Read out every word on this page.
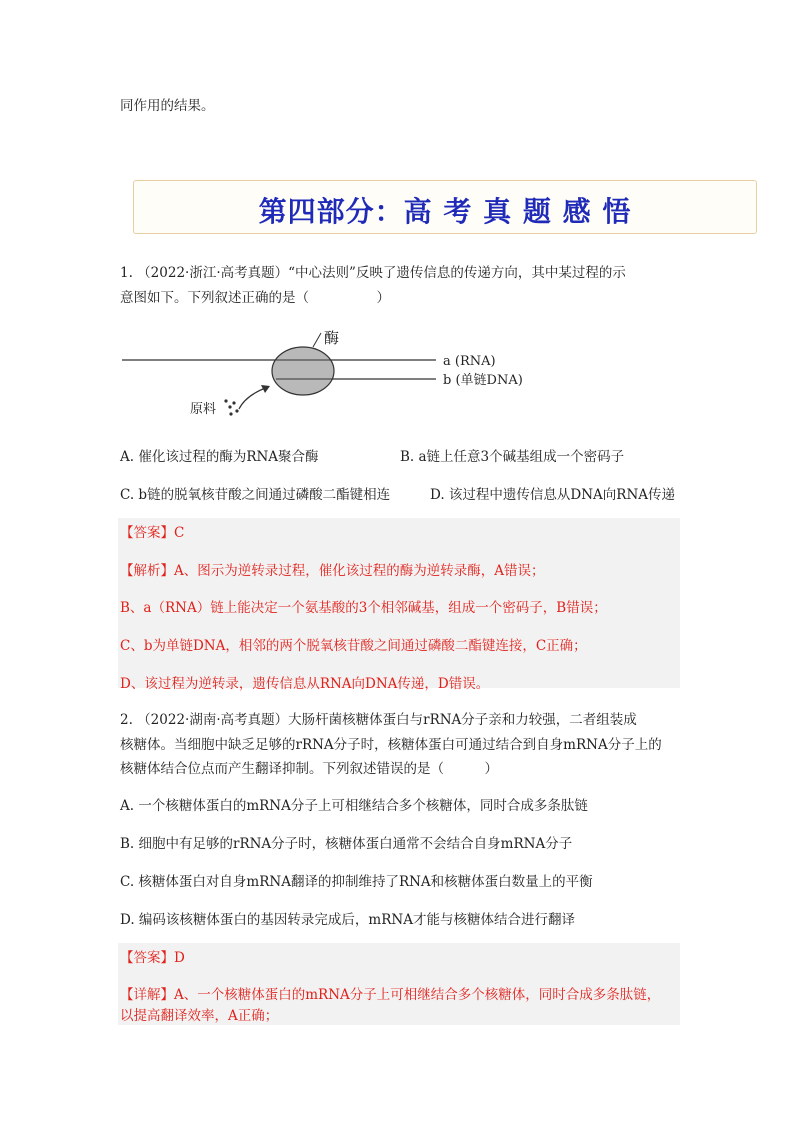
同作用的结果。
第四部分：高 考 真 题 感 悟
1. （2022·浙江·高考真题）“中心法则”反映了遗传信息的传递方向，其中某过程的示
意图如下。下列叙述正确的是（　　　　　）
酶
a (RNA)
b (单链DNA)
原料
A. 催化该过程的酶为RNA聚合酶	B. a链上任意3个碱基组成一个密码子
C. b链的脱氧核苷酸之间通过磷酸二酯键相连	D. 该过程中遗传信息从DNA向RNA传递
【答案】C
【解析】A、图示为逆转录过程，催化该过程的酶为逆转录酶，A错误；
B、a（RNA）链上能决定一个氨基酸的3个相邻碱基，组成一个密码子，B错误；
C、b为单链DNA，相邻的两个脱氧核苷酸之间通过磷酸二酯键连接，C正确；
D、该过程为逆转录，遗传信息从RNA向DNA传递，D错误。
2. （2022·湖南·高考真题）大肠杆菌核糖体蛋白与rRNA分子亲和力较强，二者组装成
核糖体。当细胞中缺乏足够的rRNA分子时，核糖体蛋白可通过结合到自身mRNA分子上的
核糖体结合位点而产生翻译抑制。下列叙述错误的是（　　　）
A. 一个核糖体蛋白的mRNA分子上可相继结合多个核糖体，同时合成多条肽链
B. 细胞中有足够的rRNA分子时，核糖体蛋白通常不会结合自身mRNA分子
C. 核糖体蛋白对自身mRNA翻译的抑制维持了RNA和核糖体蛋白数量上的平衡
D. 编码该核糖体蛋白的基因转录完成后，mRNA才能与核糖体结合进行翻译
【答案】D
【详解】A、一个核糖体蛋白的mRNA分子上可相继结合多个核糖体，同时合成多条肽链，
以提高翻译效率，A正确；
